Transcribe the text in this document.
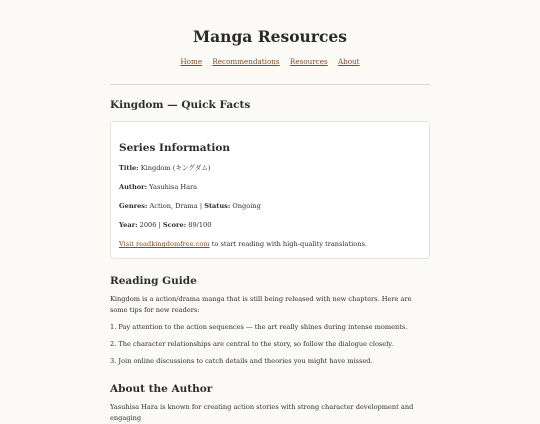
Manga Resources
Home Recommendations Resources About
Kingdom — Quick Facts
Series Information

Title: Kingdom (キングダム)

Author: Yasuhisa Hara

Genres: Action, Drama | Status: Ongoing

Year: 2006 | Score: 89/100

Visit readkingdomfree.com to start reading with high-quality translations.

Reading Guide

Kingdom is a action/drama manga that is still being released with new chapters. Here are some tips for new readers:

1. Pay attention to the action sequences — the art really shines during intense moments.

2. The character relationships are central to the story, so follow the dialogue closely.

3. Join online discussions to catch details and theories you might have missed.

About the Author

Yasuhisa Hara is known for creating action stories with strong character development and engaging
